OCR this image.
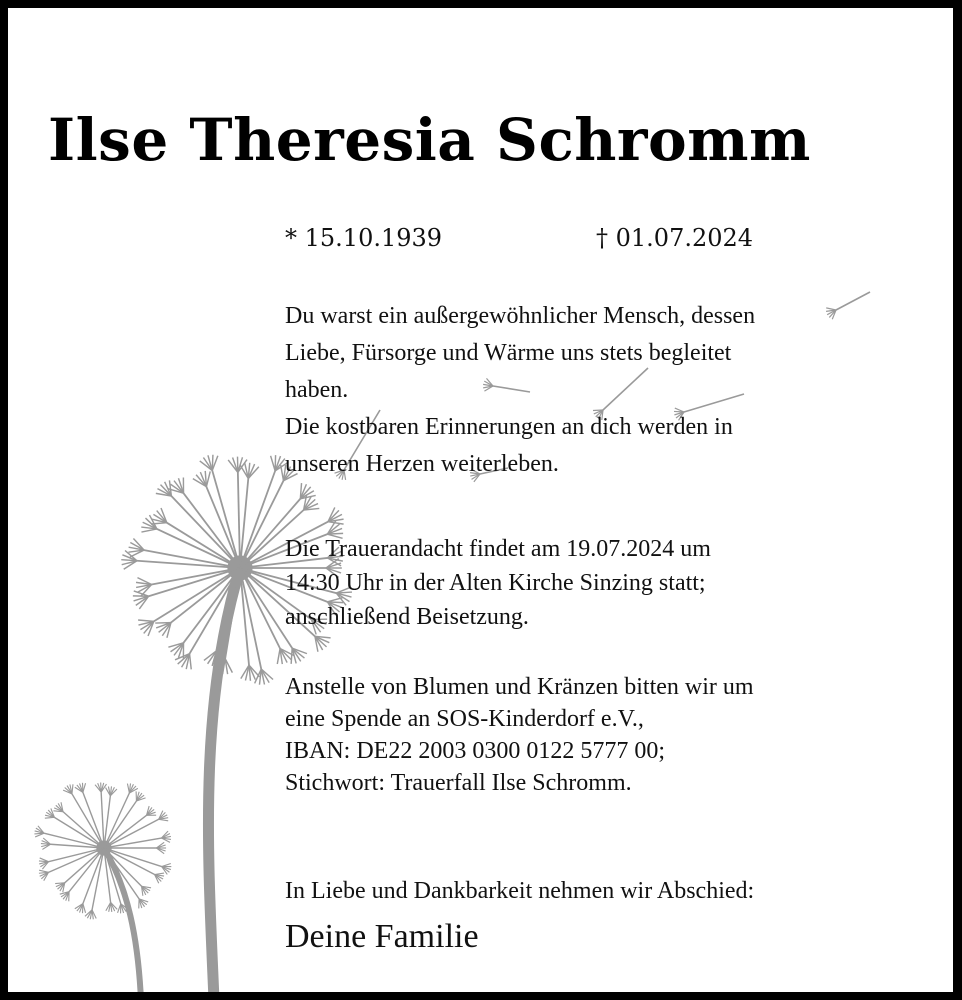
Ilse Theresia Schromm
* 15.10.1939	† 01.07.2024

Du warst ein außergewöhnlicher Mensch, dessen
Liebe, Fürsorge und Wärme uns stets begleitet
haben.
Die kostbaren Erinnerungen an dich werden in
unseren Herzen weiterleben.

Die Trauerandacht findet am 19.07.2024 um
14:30 Uhr in der Alten Kirche Sinzing statt;
anschließend Beisetzung.

Anstelle von Blumen und Kränzen bitten wir um
eine Spende an SOS-Kinderdorf e.V.,
IBAN: DE22 2003 0300 0122 5777 00;
Stichwort: Trauerfall Ilse Schromm.

In Liebe und Dankbarkeit nehmen wir Abschied:

Deine Familie
